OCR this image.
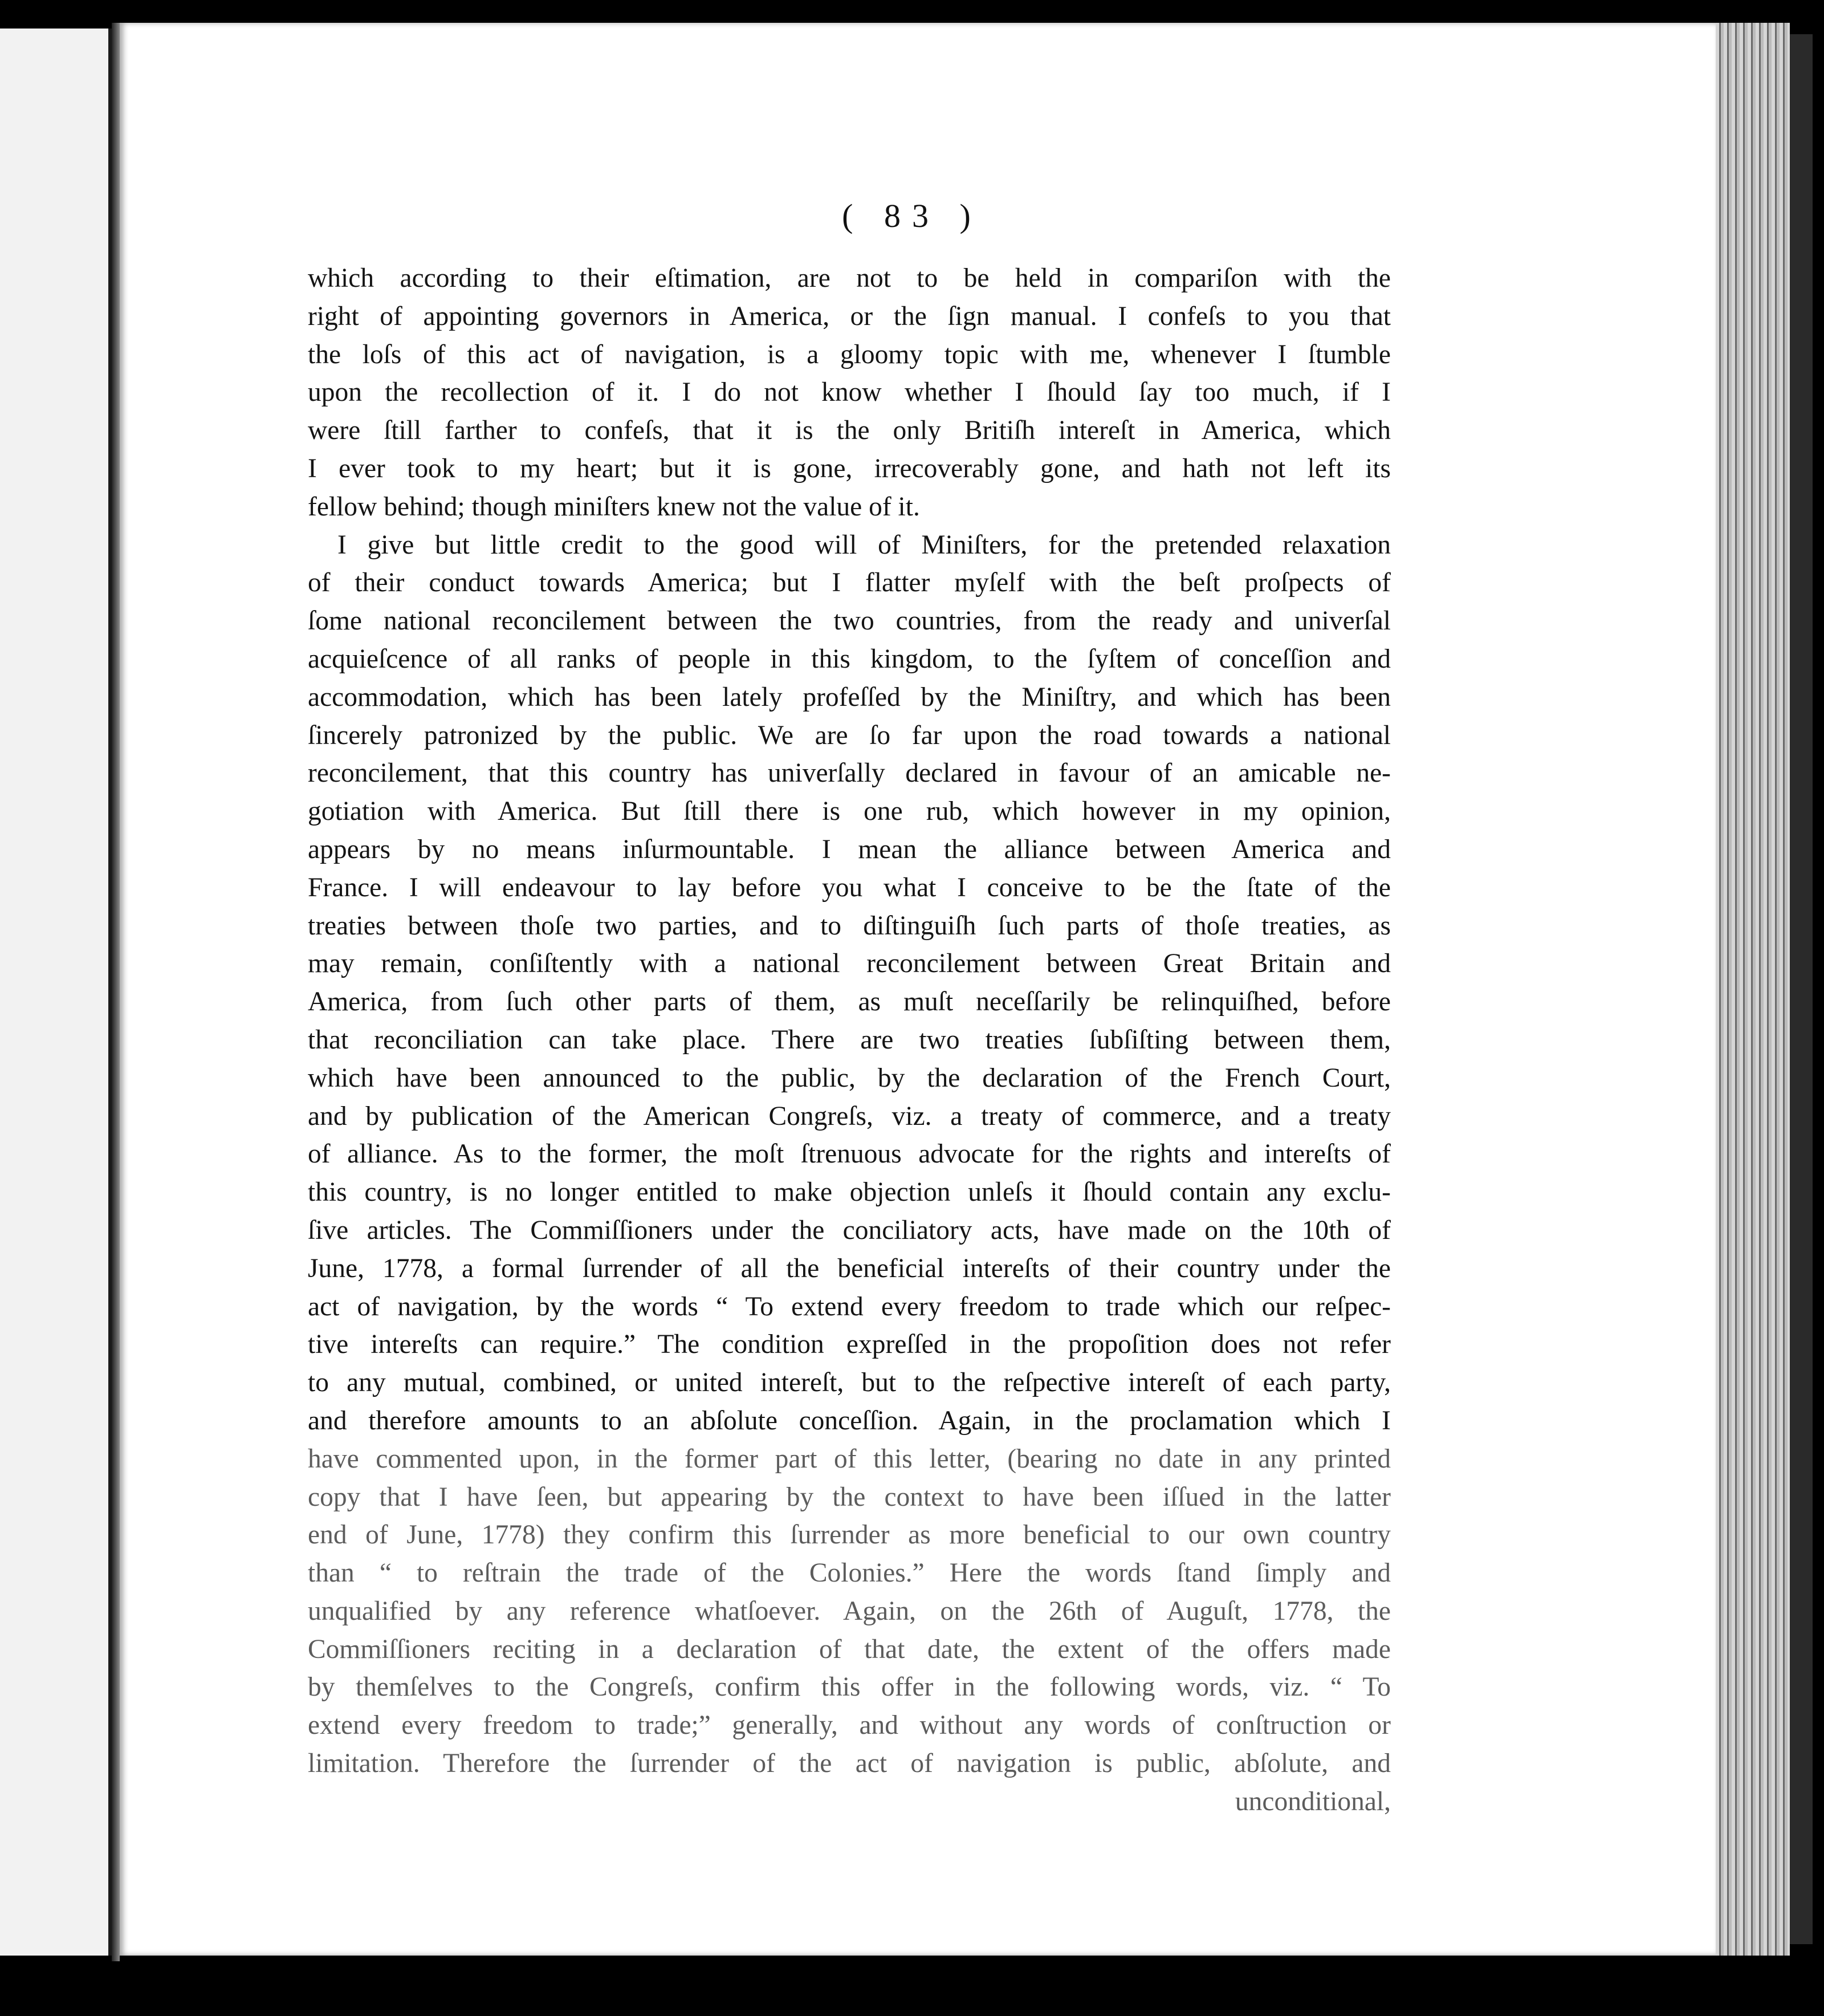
( 83 )
which according to their eſtimation, are not to be held in compariſon with the
right of appointing governors in America, or the ſign manual. I confeſs to you that
the loſs of this act of navigation, is a gloomy topic with me, whenever I ſtumble
upon the recollection of it. I do not know whether I ſhould ſay too much, if I
were ſtill farther to confeſs, that it is the only Britiſh intereſt in America, which
I ever took to my heart; but it is gone, irrecoverably gone, and hath not left its
fellow behind; though miniſters knew not the value of it.
I give but little credit to the good will of Miniſters, for the pretended relaxation
of their conduct towards America; but I flatter myſelf with the beſt proſpects of
ſome national reconcilement between the two countries, from the ready and univerſal
acquieſcence of all ranks of people in this kingdom, to the ſyſtem of conceſſion and
accommodation, which has been lately profeſſed by the Miniſtry, and which has been
ſincerely patronized by the public. We are ſo far upon the road towards a national
reconcilement, that this country has univerſally declared in favour of an amicable ne-
gotiation with America. But ſtill there is one rub, which however in my opinion,
appears by no means inſurmountable. I mean the alliance between America and
France. I will endeavour to lay before you what I conceive to be the ſtate of the
treaties between thoſe two parties, and to diſtinguiſh ſuch parts of thoſe treaties, as
may remain, conſiſtently with a national reconcilement between Great Britain and
America, from ſuch other parts of them, as muſt neceſſarily be relinquiſhed, before
that reconciliation can take place. There are two treaties ſubſiſting between them,
which have been announced to the public, by the declaration of the French Court,
and by publication of the American Congreſs, viz. a treaty of commerce, and a treaty
of alliance. As to the former, the moſt ſtrenuous advocate for the rights and intereſts of
this country, is no longer entitled to make objection unleſs it ſhould contain any exclu-
ſive articles. The Commiſſioners under the conciliatory acts, have made on the 10th of
June, 1778, a formal ſurrender of all the beneficial intereſts of their country under the
act of navigation, by the words “ To extend every freedom to trade which our reſpec-
tive intereſts can require.” The condition expreſſed in the propoſition does not refer
to any mutual, combined, or united intereſt, but to the reſpective intereſt of each party,
and therefore amounts to an abſolute conceſſion. Again, in the proclamation which I
have commented upon, in the former part of this letter, (bearing no date in any printed
copy that I have ſeen, but appearing by the context to have been iſſued in the latter
end of June, 1778) they confirm this ſurrender as more beneficial to our own country
than “ to reſtrain the trade of the Colonies.” Here the words ſtand ſimply and
unqualified by any reference whatſoever. Again, on the 26th of Auguſt, 1778, the
Commiſſioners reciting in a declaration of that date, the extent of the offers made
by themſelves to the Congreſs, confirm this offer in the following words, viz. “ To
extend every freedom to trade;” generally, and without any words of conſtruction or
limitation. Therefore the ſurrender of the act of navigation is public, abſolute, and
unconditional,
